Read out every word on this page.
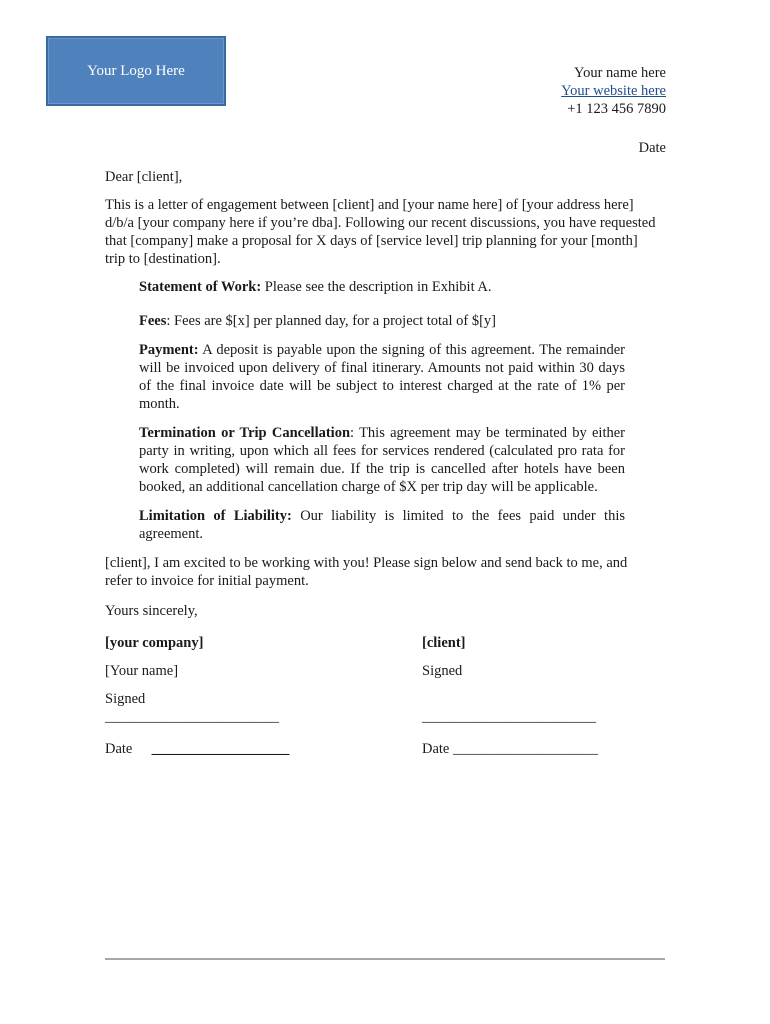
Your Logo Here	Your name here
Your website here
+1 123 456 7890
Date

Dear [client],

This is a letter of engagement between [client] and [your name here] of [your address here] d/b/a [your company here if you’re dba]. Following our recent discussions, you have requested that [company] make a proposal for X days of [service level] trip planning for your [month] trip to [destination].

Statement of Work: Please see the description in Exhibit A.

Fees: Fees are $[x] per planned day, for a project total of $[y]

Payment: A deposit is payable upon the signing of this agreement. The remainder will be invoiced upon delivery of final itinerary. Amounts not paid within 30 days of the final invoice date will be subject to interest charged at the rate of 1% per month.

Termination or Trip Cancellation: This agreement may be terminated by either party in writing, upon which all fees for services rendered (calculated pro rata for work completed) will remain due. If the trip is cancelled after hotels have been booked, an additional cancellation charge of $X per trip day will be applicable.

Limitation of Liability: Our liability is limited to the fees paid under this agreement.

[client], I am excited to be working with you! Please sign below and send back to me, and refer to invoice for initial payment.

Yours sincerely,

[your company]
[Your name]
Signed
________________________
Date ___________________
[client]
Signed
________________________
Date ____________________
